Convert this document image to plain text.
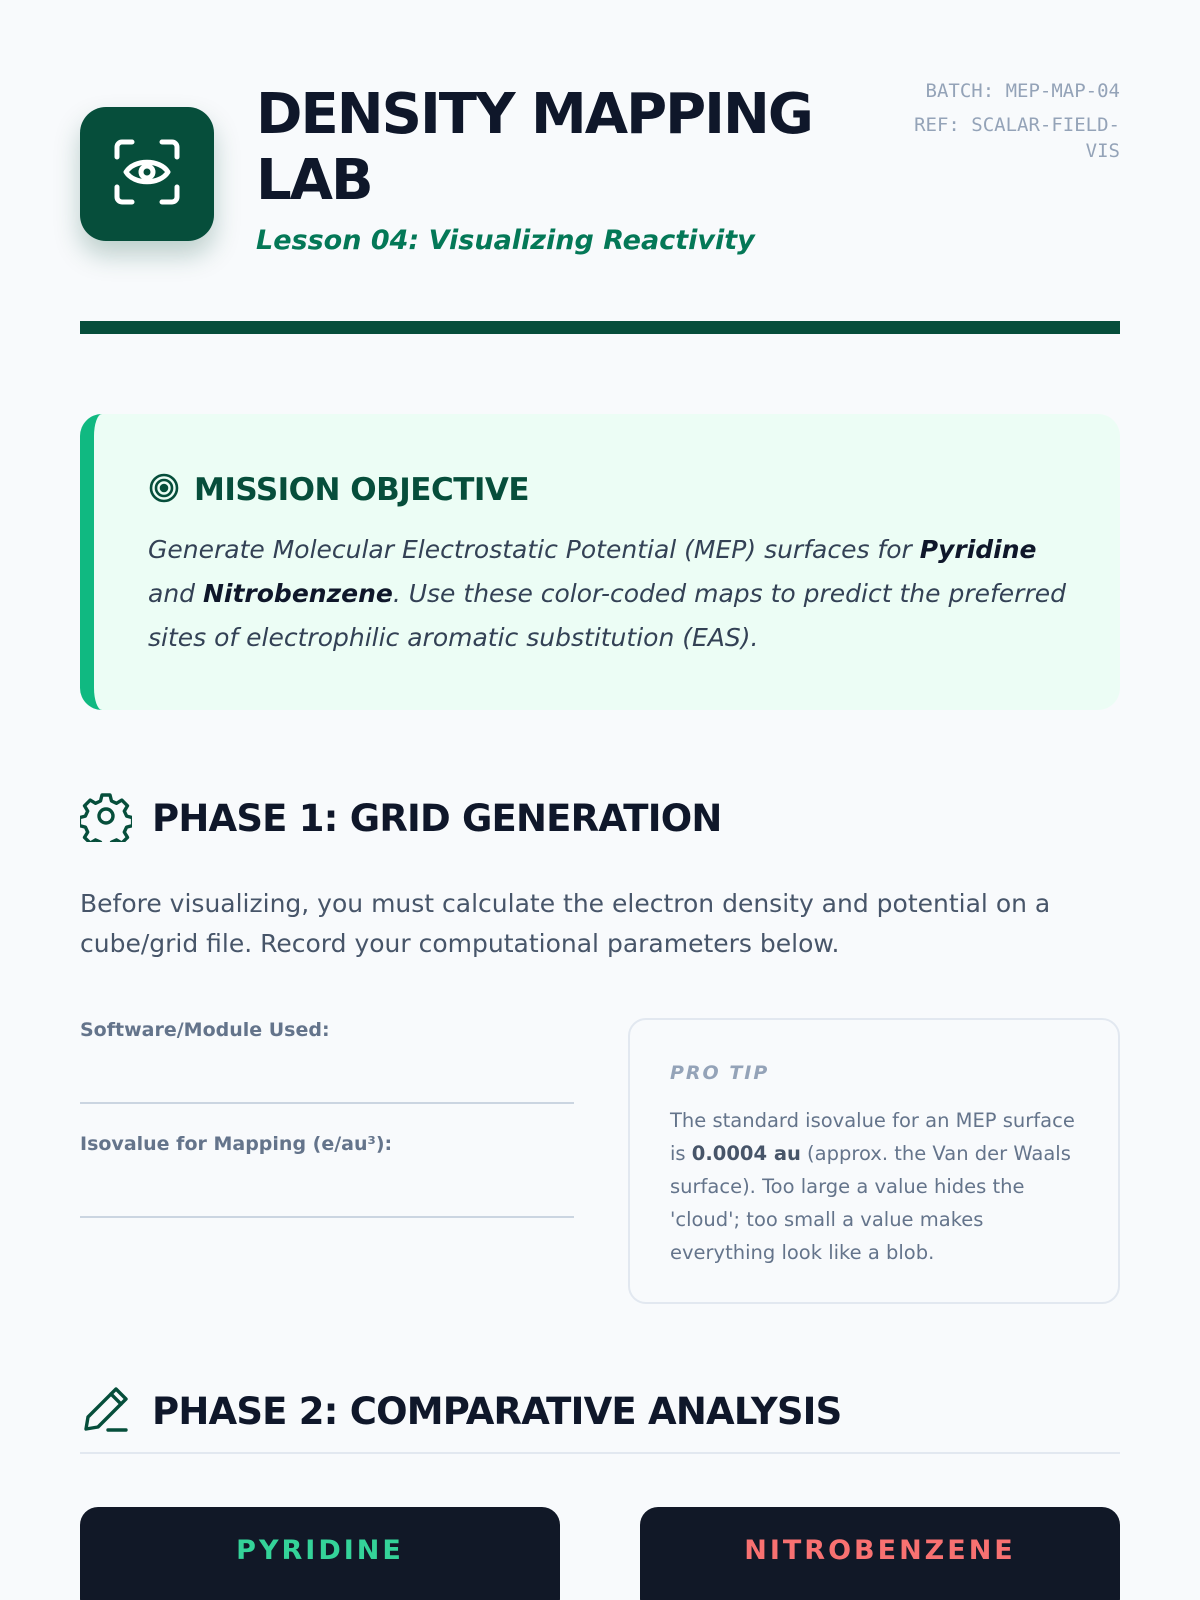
DENSITY MAPPING LAB
Lesson 04: Visualizing Reactivity
BATCH: MEP-MAP-04
REF: SCALAR-FIELD-VIS
MISSION OBJECTIVE

Generate Molecular Electrostatic Potential (MEP) surfaces for Pyridine and Nitrobenzene. Use these color-coded maps to predict the preferred sites of electrophilic aromatic substitution (EAS).

PHASE 1: GRID GENERATION

Before visualizing, you must calculate the electron density and potential on a cube/grid file. Record your computational parameters below.

Software/Module Used:
Isovalue for Mapping (e/au³):
PRO TIP

The standard isovalue for an MEP surface is 0.0004 au (approx. the Van der Waals surface). Too large a value hides the 'cloud'; too small a value makes everything look like a blob.

PHASE 2: COMPARATIVE ANALYSIS
PYRIDINE	NITROBENZENE
